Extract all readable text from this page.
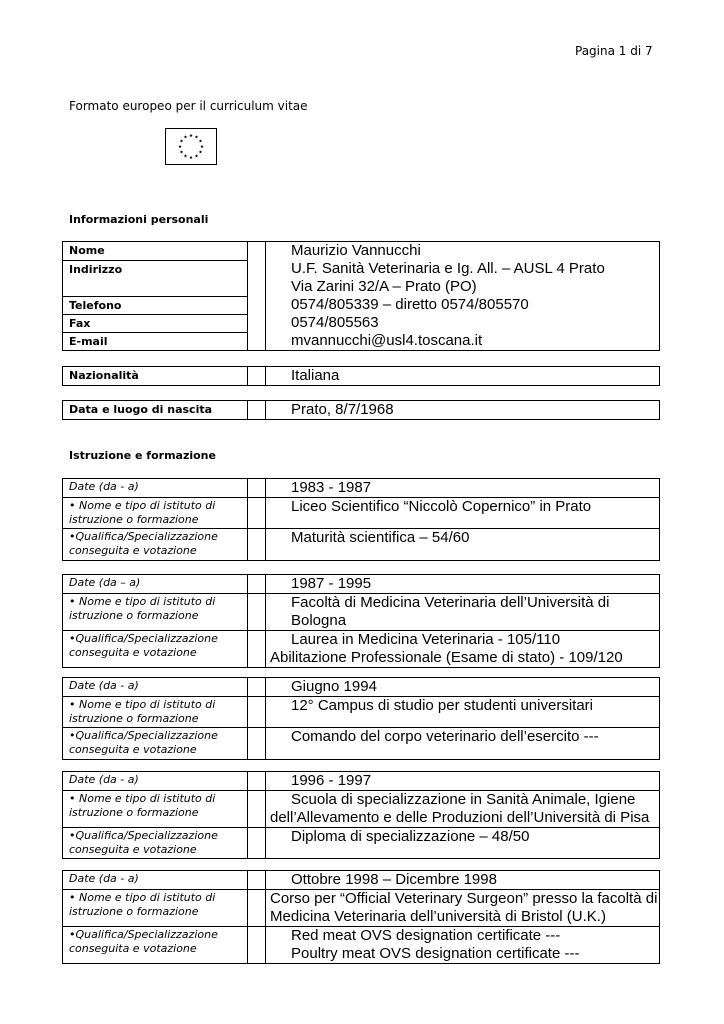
Pagina 1 di 7
Formato europeo per il curriculum vitae
Informazioni personali
Nome		Maurizio Vannucchi

Indirizzo		U.F. Sanità Veterinaria e Ig. All. – AUSL 4 Prato
Via Zarini 32/A – Prato (PO)

Telefono		0574/805339 – diretto 0574/805570

Fax		0574/805563

E-mail		mvannucchi@usl4.toscana.it
Nazionalità		Italiana
Data e luogo di nascita		Prato, 8/7/1968
Istruzione e formazione
Date (da - a)		1983 - 1987

• Nome e tipo di istituto di
istruzione o formazione		Liceo Scientifico “Niccolò Copernico” in Prato

•Qualifica/Specializzazione
conseguita e votazione		Maturità scientifica – 54/60
Date (da – a)		1987 - 1995

• Nome e tipo di istituto di
istruzione o formazione		Facoltà di Medicina Veterinaria dell’Università di Bologna

•Qualifica/Specializzazione
conseguita e votazione		Laurea in Medicina Veterinaria - 105/110
Abilitazione Professionale (Esame di stato) - 109/120
Date (da - a)		Giugno 1994

• Nome e tipo di istituto di
istruzione o formazione		12° Campus di studio per studenti universitari

•Qualifica/Specializzazione
conseguita e votazione		Comando del corpo veterinario dell’esercito ---
Date (da - a)		1996 - 1997

• Nome e tipo di istituto di
istruzione o formazione		Scuola di specializzazione in Sanità Animale, Igiene
dell’Allevamento e delle Produzioni dell’Università di Pisa

•Qualifica/Specializzazione
conseguita e votazione		Diploma di specializzazione – 48/50
Date (da - a)		Ottobre 1998 – Dicembre 1998

• Nome e tipo di istituto di
istruzione o formazione		Corso per “Official Veterinary Surgeon” presso la facoltà di
Medicina Veterinaria dell’università di Bristol (U.K.)

•Qualifica/Specializzazione
conseguita e votazione		Red meat OVS designation certificate ---
Poultry meat OVS designation certificate ---
